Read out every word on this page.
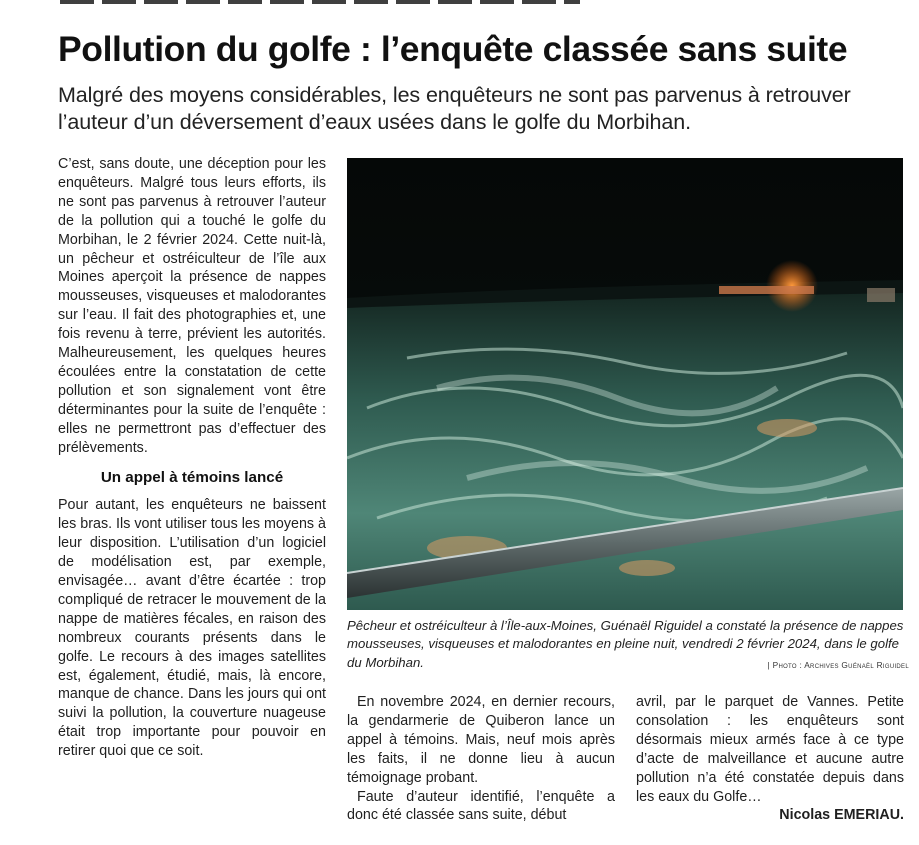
Pollution du golfe : l’enquête classée sans suite
Malgré des moyens considérables, les enquêteurs ne sont pas parvenus à retrouver l’auteur d’un déversement d’eaux usées dans le golfe du Morbihan.

C’est, sans doute, une déception pour les enquêteurs. Malgré tous leurs efforts, ils ne sont pas parvenus à retrouver l’auteur de la pollution qui a touché le golfe du Morbihan, le 2 février 2024. Cette nuit-là, un pêcheur et ostréiculteur de l’île aux Moines aperçoit la présence de nappes mousseuses, visqueuses et malodorantes sur l’eau. Il fait des photographies et, une fois revenu à terre, prévient les autorités. Malheureusement, les quelques heures écoulées entre la constatation de cette pollution et son signalement vont être déterminantes pour la suite de l’enquête : elles ne permettront pas d’effectuer des prélèvements.

Un appel à témoins lancé

Pour autant, les enquêteurs ne baissent les bras. Ils vont utiliser tous les moyens à leur disposition. L’utilisation d’un logiciel de modélisation est, par exemple, envisagée… avant d’être écartée : trop compliqué de retracer le mouvement de la nappe de matières fécales, en raison des nombreux courants présents dans le golfe. Le recours à des images satellites est, également, étudié, mais, là encore, manque de chance. Dans les jours qui ont suivi la pollution, la couverture nuageuse était trop importante pour pouvoir en retirer quoi que ce soit.

Pêcheur et ostréiculteur à l’Île-aux-Moines, Guénaël Riguidel a constaté la présence de nappes mousseuses, visqueuses et malodorantes en pleine nuit, vendredi 2 février 2024, dans le golfe du Morbihan.	| Photo : Archives Guénaël Riguidel

En novembre 2024, en dernier recours, la gendarmerie de Quiberon lance un appel à témoins. Mais, neuf mois après les faits, il ne donne lieu à aucun témoignage probant.

Faute d’auteur identifié, l’enquête a donc été classée sans suite, début

avril, par le parquet de Vannes. Petite consolation : les enquêteurs sont désormais mieux armés face à ce type d’acte de malveillance et aucune autre pollution n’a été constatée depuis dans les eaux du Golfe…

Nicolas EMERIAU.
